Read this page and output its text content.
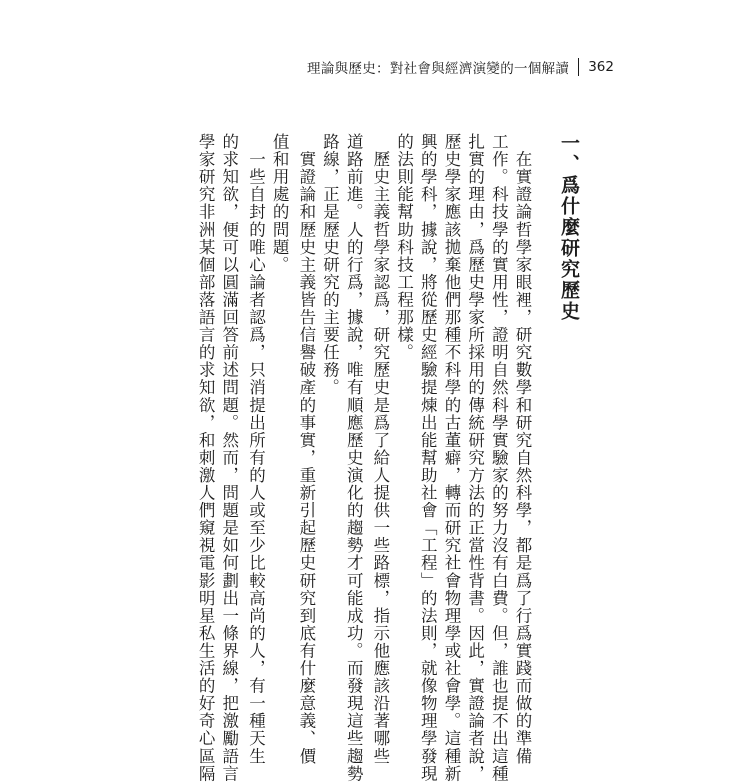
理論與歷史：對社會與經濟演變的一個解讀 362
一、爲什麼研究歷史
　在實證論哲學家眼裡，研究數學和研究自然科學，都是爲了行爲實踐而做的準備
工作。科技學的實用性，證明自然科學實驗家的努力沒有白費。但，誰也提不出這種
扎實的理由，爲歷史學家所採用的傳統研究方法的正當性背書。因此，實證論者說，
歷史學家應該拋棄他們那種不科學的古董癖，轉而研究社會物理學或社會學。這種新
興的學科，據說，將從歷史經驗提煉出能幫助社會「工程」的法則，就像物理學發現
的法則能幫助科技工程那樣。
　歷史主義哲學家認爲，研究歷史是爲了給人提供一些路標，指示他應該沿著哪些
道路前進。人的行爲，據說，唯有順應歷史演化的趨勢才可能成功。而發現這些趨勢
路線，正是歷史研究的主要任務。
　實證論和歷史主義皆告信譽破產的事實，重新引起歷史研究到底有什麼意義、價
值和用處的問題。
　一些自封的唯心論者認爲，只消提出所有的人或至少比較高尚的人，有一種天生
的求知欲，便可以圓滿回答前述問題。然而，問題是如何劃出一條界線，把激勵語言
學家研究非洲某個部落語言的求知欲，和刺激人們窺視電影明星私生活的好奇心區隔
